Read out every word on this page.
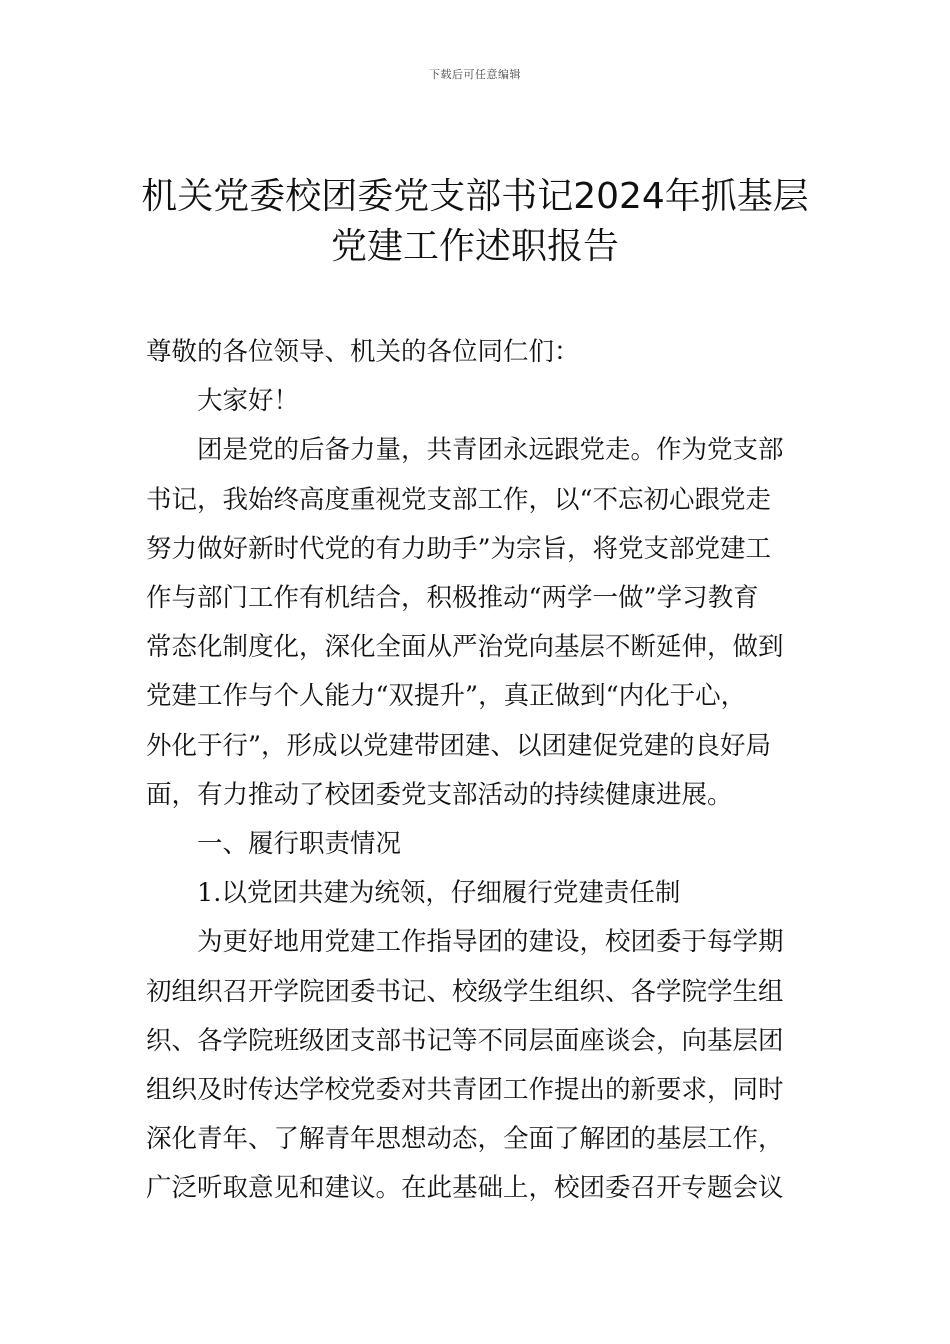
下载后可任意编辑
机关党委校团委党支部书记2024年抓基层
党建工作述职报告

尊敬的各位领导、机关的各位同仁们：

大家好！

团是党的后备力量，共青团永远跟党走。作为党支部
书记，我始终高度重视党支部工作，以“不忘初心跟党走
努力做好新时代党的有力助手”为宗旨，将党支部党建工
作与部门工作有机结合，积极推动“两学一做”学习教育
常态化制度化，深化全面从严治党向基层不断延伸，做到
党建工作与个人能力“双提升”，真正做到“内化于心，
外化于行”，形成以党建带团建、以团建促党建的良好局
面，有力推动了校团委党支部活动的持续健康进展。

一、履行职责情况

1.以党团共建为统领，仔细履行党建责任制

为更好地用党建工作指导团的建设，校团委于每学期
初组织召开学院团委书记、校级学生组织、各学院学生组
织、各学院班级团支部书记等不同层面座谈会，向基层团
组织及时传达学校党委对共青团工作提出的新要求，同时
深化青年、了解青年思想动态，全面了解团的基层工作，
广泛听取意见和建议。在此基础上，校团委召开专题会议
